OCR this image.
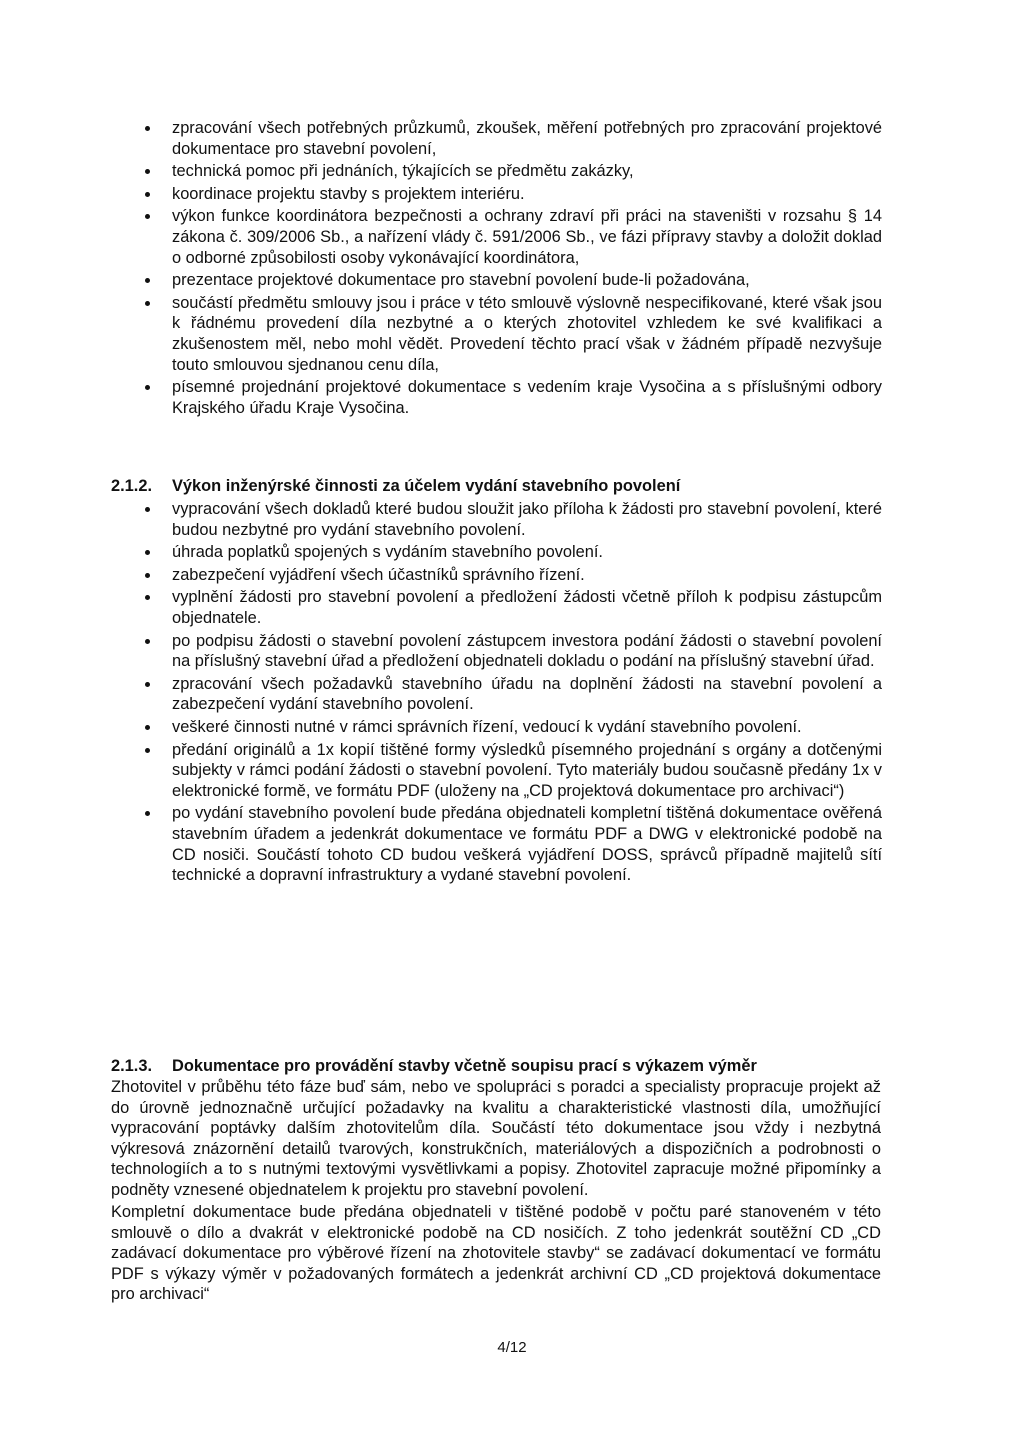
zpracování všech potřebných průzkumů, zkoušek, měření potřebných pro zpracování projektové dokumentace pro stavební povolení,
technická pomoc při jednáních, týkajících se předmětu zakázky,
koordinace projektu stavby s projektem interiéru.
výkon funkce koordinátora bezpečnosti a ochrany zdraví při práci na staveništi v rozsahu § 14 zákona č. 309/2006 Sb., a nařízení vlády č. 591/2006 Sb., ve fázi přípravy stavby a doložit doklad o odborné způsobilosti osoby vykonávající koordinátora,
prezentace projektové dokumentace pro stavební povolení bude-li požadována,
součástí předmětu smlouvy jsou i práce v této smlouvě výslovně nespecifikované, které však jsou k řádnému provedení díla nezbytné a o kterých zhotovitel vzhledem ke své kvalifikaci a zkušenostem měl, nebo mohl vědět. Provedení těchto prací však v žádném případě nezvyšuje touto smlouvou sjednanou cenu díla,
písemné projednání projektové dokumentace s vedením kraje Vysočina a s příslušnými odbory Krajského úřadu Kraje Vysočina.
2.1.2. Výkon inženýrské činnosti za účelem vydání stavebního povolení
vypracování všech dokladů které budou sloužit jako příloha k žádosti pro stavební povolení, které budou nezbytné pro vydání stavebního povolení.
úhrada poplatků spojených s vydáním stavebního povolení.
zabezpečení vyjádření všech účastníků správního řízení.
vyplnění žádosti pro stavební povolení a předložení žádosti včetně příloh k podpisu zástupcům objednatele.
po podpisu žádosti o stavební povolení zástupcem investora podání žádosti o stavební povolení na příslušný stavební úřad a předložení objednateli dokladu o podání na příslušný stavební úřad.
zpracování všech požadavků stavebního úřadu na doplnění žádosti na stavební povolení a zabezpečení vydání stavebního povolení.
veškeré činnosti nutné v rámci správních řízení, vedoucí k vydání stavebního povolení.
předání originálů a 1x kopií tištěné formy výsledků písemného projednání s orgány a dotčenými subjekty v rámci podání žádosti o stavební povolení. Tyto materiály budou současně předány 1x v elektronické formě, ve formátu PDF (uloženy na „CD projektová dokumentace pro archivaci“)
po vydání stavebního povolení bude předána objednateli kompletní tištěná dokumentace ověřená stavebním úřadem a jedenkrát dokumentace ve formátu PDF a DWG v elektronické podobě na CD nosiči. Součástí tohoto CD budou veškerá vyjádření DOSS, správců případně majitelů sítí technické a dopravní infrastruktury a vydané stavební povolení.
2.1.3. Dokumentace pro provádění stavby včetně soupisu prací s výkazem výměr

Zhotovitel v průběhu této fáze buď sám, nebo ve spolupráci s poradci a specialisty propracuje projekt až do úrovně jednoznačně určující požadavky na kvalitu a charakteristické vlastnosti díla, umožňující vypracování poptávky dalším zhotovitelům díla. Součástí této dokumentace jsou vždy i nezbytná výkresová znázornění detailů tvarových, konstrukčních, materiálových a dispozičních a podrobnosti o technologiích a to s nutnými textovými vysvětlivkami a popisy. Zhotovitel zapracuje možné připomínky a podněty vznesené objednatelem k projektu pro stavební povolení.

Kompletní dokumentace bude předána objednateli v tištěné podobě v počtu paré stanoveném v této smlouvě o dílo a dvakrát v elektronické podobě na CD nosičích. Z toho jedenkrát soutěžní CD „CD zadávací dokumentace pro výběrové řízení na zhotovitele stavby“ se zadávací dokumentací ve formátu PDF s výkazy výměr v požadovaných formátech a jedenkrát archivní CD „CD projektová dokumentace pro archivaci“

4/12
